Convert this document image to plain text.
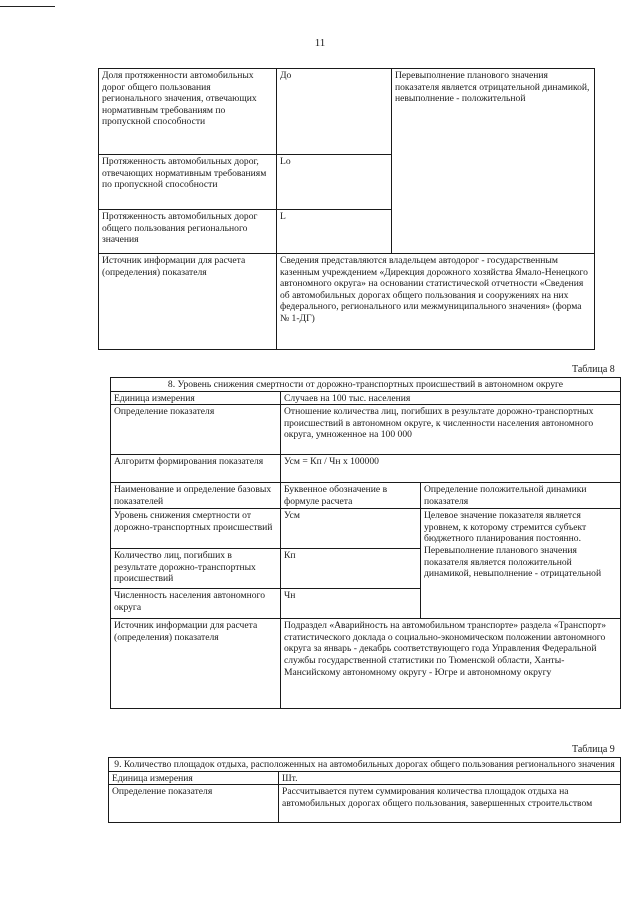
11
Доля протяженности автомобильных дорог общего пользования регионального значения, отвечающих нормативным требованиям по пропускной способности	Дo	Перевыполнение планового значения показателя является отрицательной динамикой, невыполнение - положительной
Протяженность автомобильных дорог, отвечающих нормативным требованиям по пропускной способности	Lo	
Протяженность автомобильных дорог общего пользования регионального значения	L	
Источник информации для расчета (определения) показателя	Сведения представляются владельцем автодорог - государственным казенным учреждением «Дирекция дорожного хозяйства Ямало-Ненецкого автономного округа» на основании статистической отчетности «Сведения об автомобильных дорогах общего пользования и сооружениях на них федерального, регионального или межмуниципального значения» (форма № 1-ДГ)	
Таблица 8
8. Уровень снижения смертности от дорожно-транспортных происшествий в автономном округе		
Единица измерения	Случаев на 100 тыс. населения	
Определение показателя	Отношение количества лиц, погибших в результате дорожно-транспортных происшествий в автономном округе, к численности населения автономного округа, умноженное на 100 000	
Алгоритм формирования показателя	Усм = Кп / Чн x 100000	
Наименование и определение базовых показателей	Буквенное обозначение в формуле расчета	Определение положительной динамики показателя
Уровень снижения смертности от дорожно-транспортных происшествий	Усм	Целевое значение показателя является уровнем, к которому стремится субъект бюджетного планирования постоянно. Перевыполнение планового значения показателя является положительной динамикой, невыполнение - отрицательной
Количество лиц, погибших в результате дорожно-транспортных происшествий	Кп	
Численность населения автономного округа	Чн	
Источник информации для расчета (определения) показателя	Подраздел «Аварийность на автомобильном транспорте» раздела «Транспорт» статистического доклада о социально-экономическом положении автономного округа за январь - декабрь соответствующего года Управления Федеральной службы государственной статистики по Тюменской области, Ханты-Мансийскому автономному округу - Югре и автономному округу	
Таблица 9
9. Количество площадок отдыха, расположенных на автомобильных дорогах общего пользования регионального значения	
Единица измерения	Шт.
Определение показателя	Рассчитывается путем суммирования количества площадок отдыха на автомобильных дорогах общего пользования, завершенных строительством
